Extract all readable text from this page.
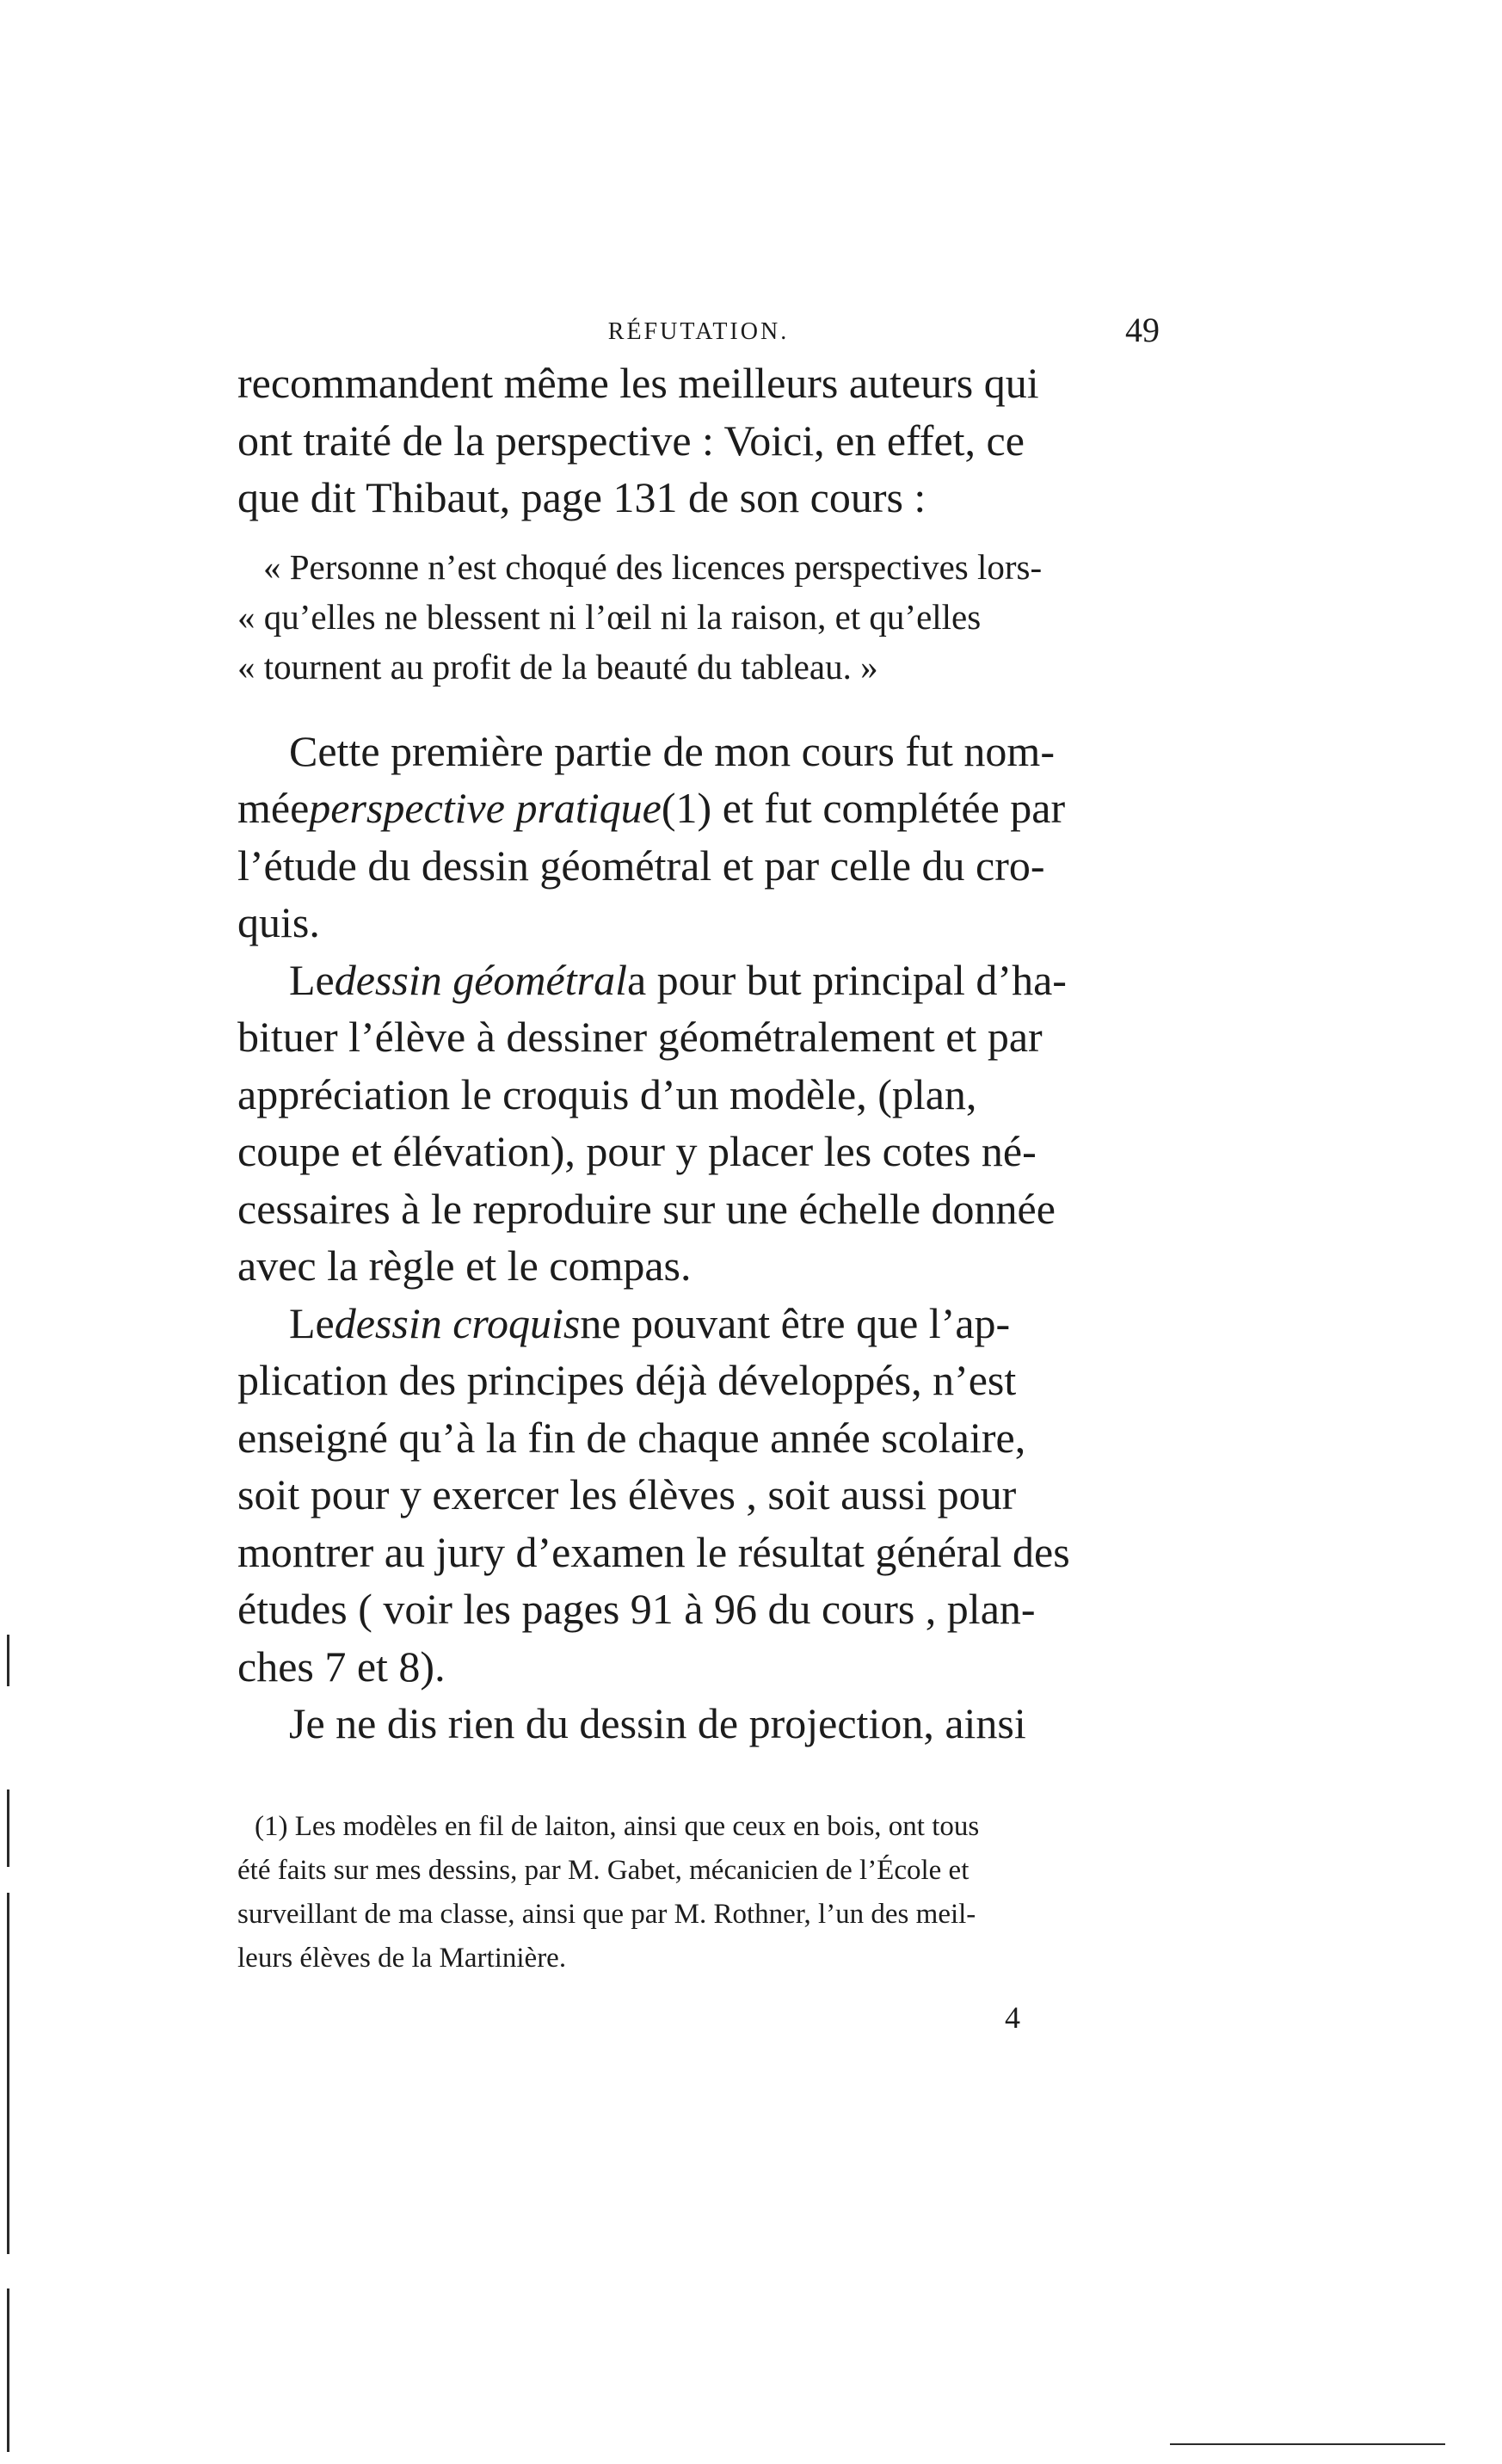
RÉFUTATION.	49
recommandent même les meilleurs auteurs qui
ont traité de la perspective : Voici, en effet, ce
que dit Thibaut, page 131 de son cours :
« Personne n’est choqué des licences perspectives lors-
« qu’elles ne blessent ni l’œil ni la raison, et qu’elles
« tournent au profit de la beauté du tableau. »
Cette première partie de mon cours fut nom-
méeperspective pratique(1) et fut complétée par
l’étude du dessin géométral et par celle du cro-
quis.
Ledessin géométrala pour but principal d’ha-
bituer l’élève à dessiner géométralement et par
appréciation le croquis d’un modèle, (plan,
coupe et élévation), pour y placer les cotes né-
cessaires à le reproduire sur une échelle donnée
avec la règle et le compas.
Ledessin croquisne pouvant être que l’ap-
plication des principes déjà développés, n’est
enseigné qu’à la fin de chaque année scolaire,
soit pour y exercer les élèves , soit aussi pour
montrer au jury d’examen le résultat général des
études ( voir les pages 91 à 96 du cours , plan-
ches 7 et 8).
Je ne dis rien du dessin de projection, ainsi
(1) Les modèles en fil de laiton, ainsi que ceux en bois, ont tous
été faits sur mes dessins, par M. Gabet, mécanicien de l’École et
surveillant de ma classe, ainsi que par M. Rothner, l’un des meil-
leurs élèves de la Martinière.
4
